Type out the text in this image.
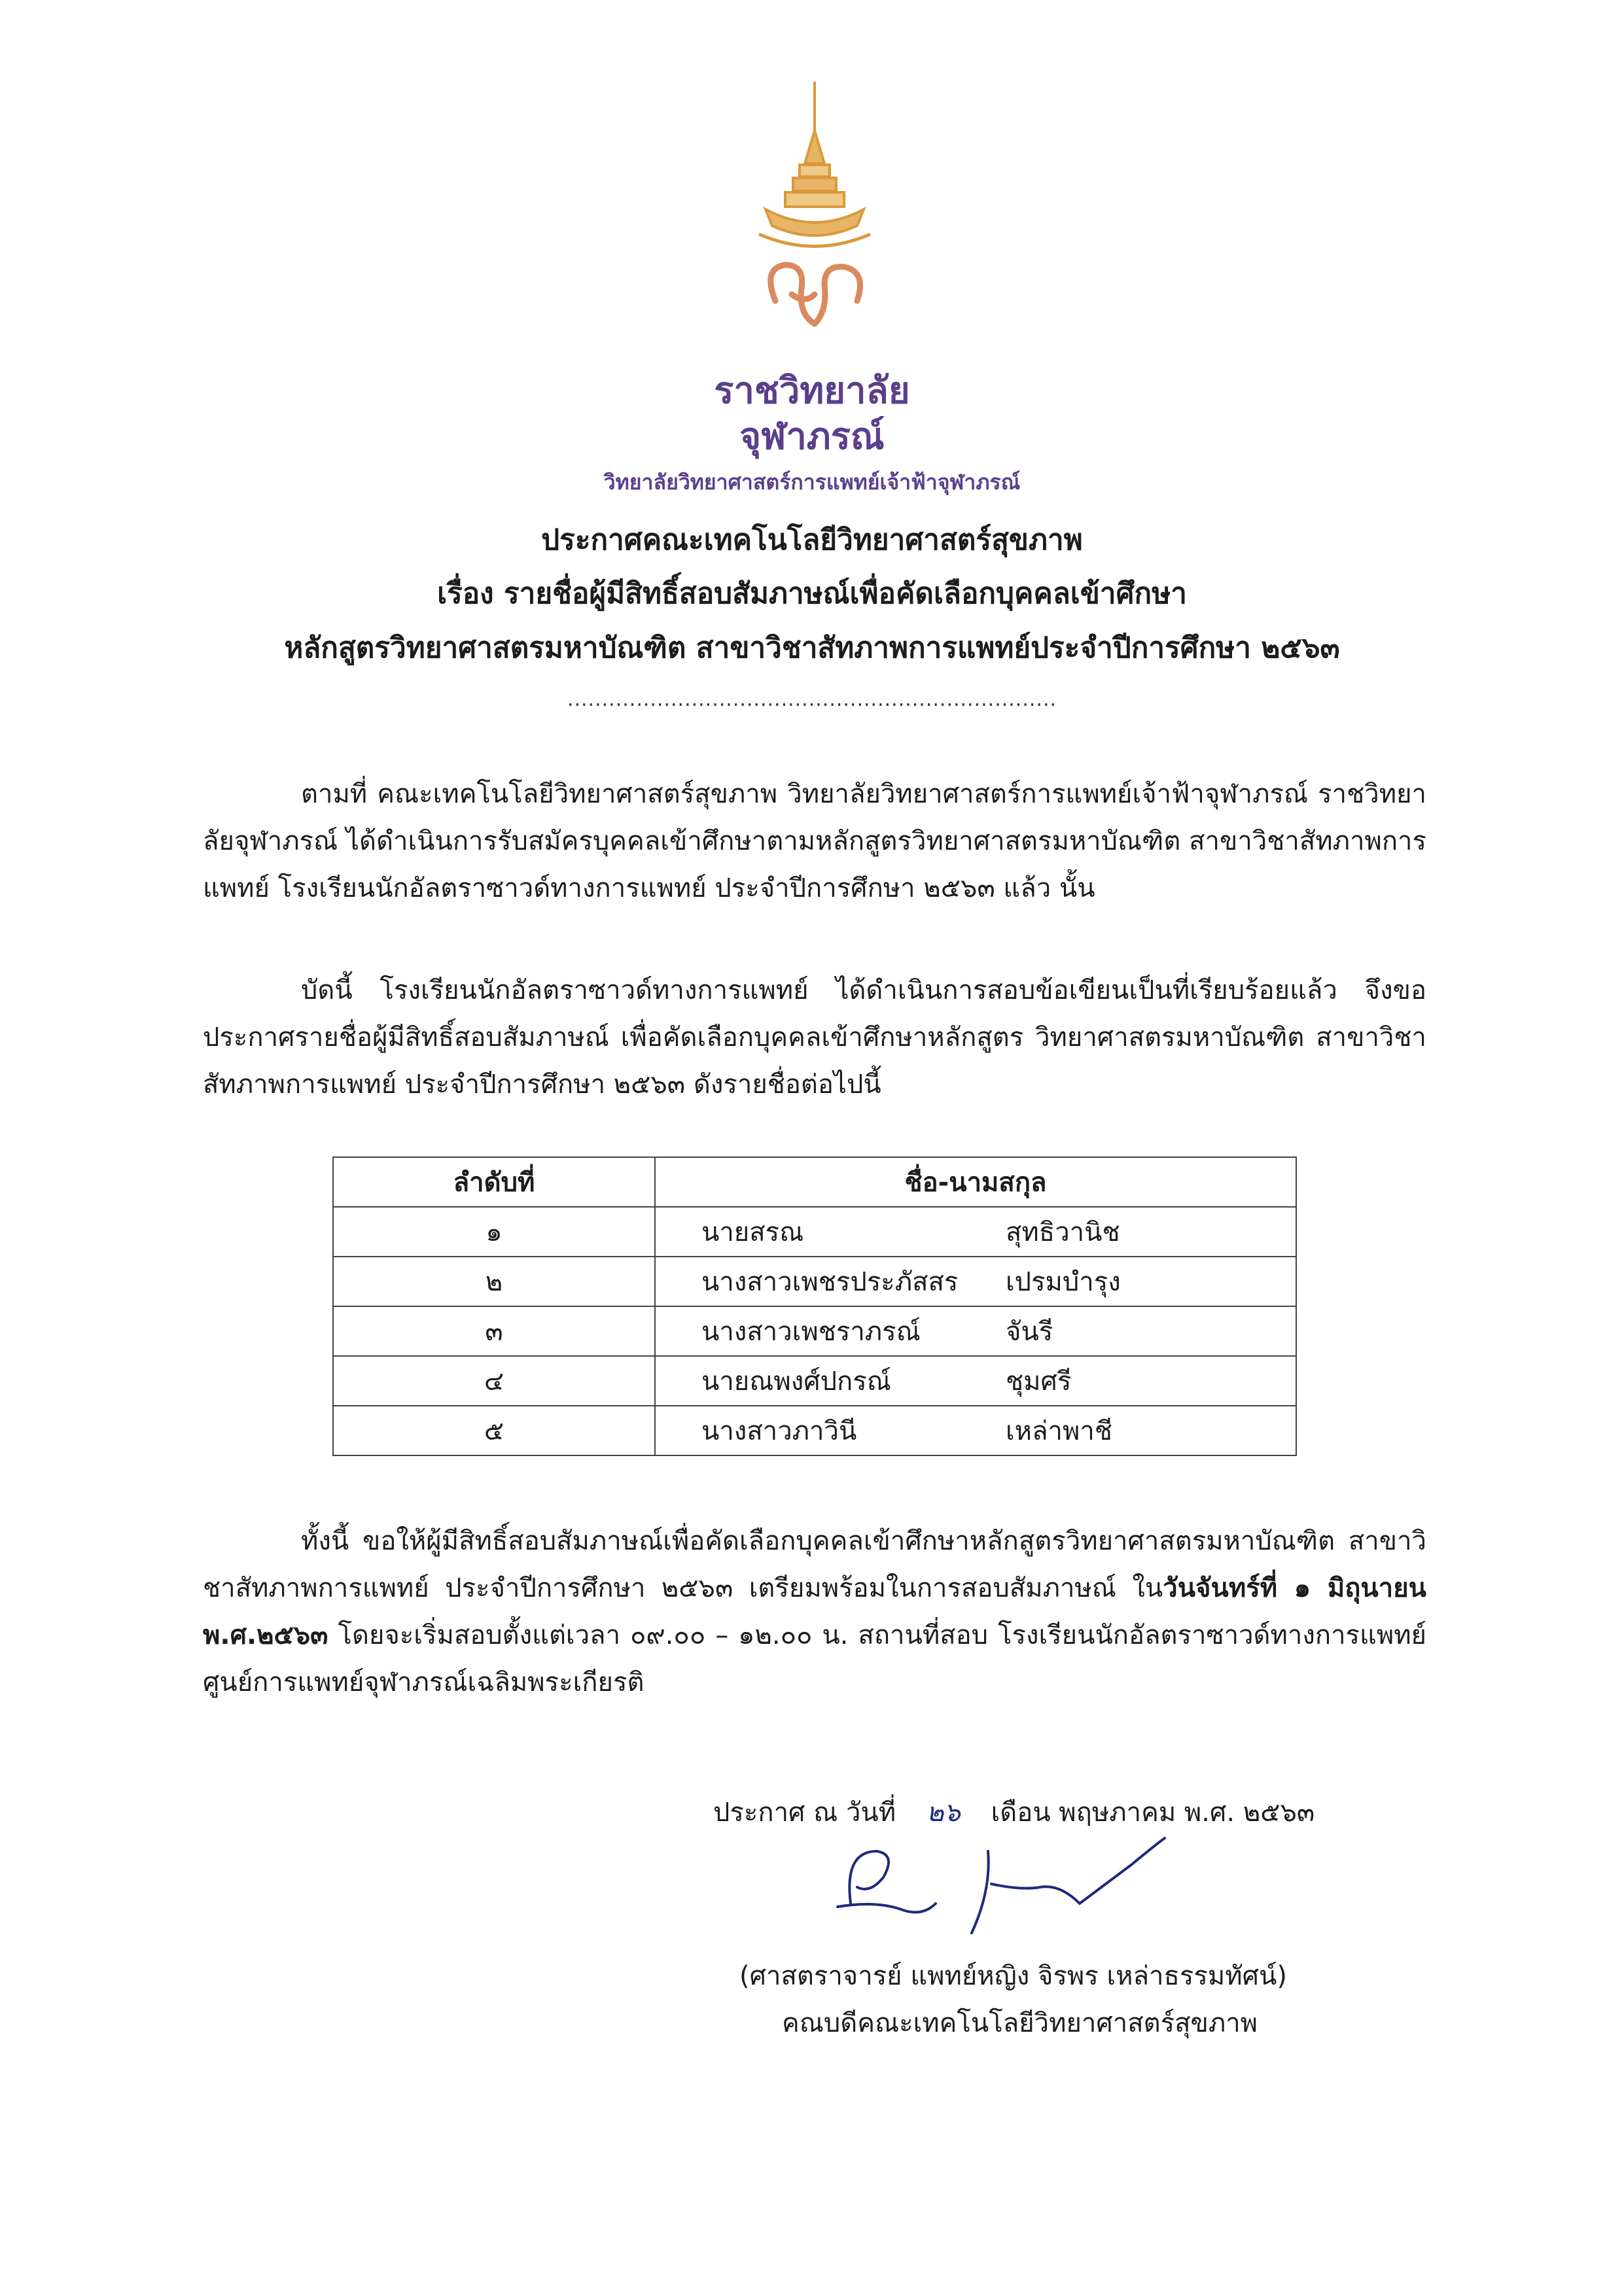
ราชวิทยาลัย
จุฬาภรณ์
วิทยาลัยวิทยาศาสตร์การแพทย์เจ้าฟ้าจุฬาภรณ์
ประกาศคณะเทคโนโลยีวิทยาศาสตร์สุขภาพ
เรื่อง รายชื่อผู้มีสิทธิ์สอบสัมภาษณ์เพื่อคัดเลือกบุคคลเข้าศึกษา
หลักสูตรวิทยาศาสตรมหาบัณฑิต สาขาวิชาสัทภาพการแพทย์ประจำปีการศึกษา ๒๕๖๓
.......................................................................

ตามที่ คณะเทคโนโลยีวิทยาศาสตร์สุขภาพ วิทยาลัยวิทยาศาสตร์การแพทย์เจ้าฟ้าจุฬาภรณ์ ราชวิทยาลัยจุฬาภรณ์ ได้ดำเนินการรับสมัครบุคคลเข้าศึกษาตามหลักสูตรวิทยาศาสตรมหาบัณฑิต สาขาวิชาสัทภาพการแพทย์ โรงเรียนนักอัลตราซาวด์ทางการแพทย์ ประจำปีการศึกษา ๒๕๖๓ แล้ว นั้น

บัดนี้ โรงเรียนนักอัลตราซาวด์ทางการแพทย์ ได้ดำเนินการสอบข้อเขียนเป็นที่เรียบร้อยแล้ว จึงขอประกาศรายชื่อผู้มีสิทธิ์สอบสัมภาษณ์ เพื่อคัดเลือกบุคคลเข้าศึกษาหลักสูตร วิทยาศาสตรมหาบัณฑิต สาขาวิชาสัทภาพการแพทย์ ประจำปีการศึกษา ๒๕๖๓ ดังรายชื่อต่อไปนี้

ลำดับที่	ชื่อ-นามสกุล
๑	นายสรณ สุทธิวานิช
๒	นางสาวเพชรประภัสสร เปรมบำรุง
๓	นางสาวเพชราภรณ์ จันรี
๔	นายณพงศ์ปกรณ์ ชุมศรี
๕	นางสาวภาวินี เหล่าพาชี

ทั้งนี้ ขอให้ผู้มีสิทธิ์สอบสัมภาษณ์เพื่อคัดเลือกบุคคลเข้าศึกษาหลักสูตรวิทยาศาสตรมหาบัณฑิต สาขาวิชาสัทภาพการแพทย์ ประจำปีการศึกษา ๒๕๖๓ เตรียมพร้อมในการสอบสัมภาษณ์ ในวันจันทร์ที่ ๑ มิถุนายน พ.ศ.๒๕๖๓ โดยจะเริ่มสอบตั้งแต่เวลา ๐๙.๐๐ – ๑๒.๐๐ น. สถานที่สอบ โรงเรียนนักอัลตราซาวด์ทางการแพทย์ ศูนย์การแพทย์จุฬาภรณ์เฉลิมพระเกียรติ

ประกาศ ณ วันที่ ๒๖ เดือน พฤษภาคม พ.ศ. ๒๕๖๓
(ศาสตราจารย์ แพทย์หญิง จิรพร เหล่าธรรมทัศน์)
คณบดีคณะเทคโนโลยีวิทยาศาสตร์สุขภาพ
